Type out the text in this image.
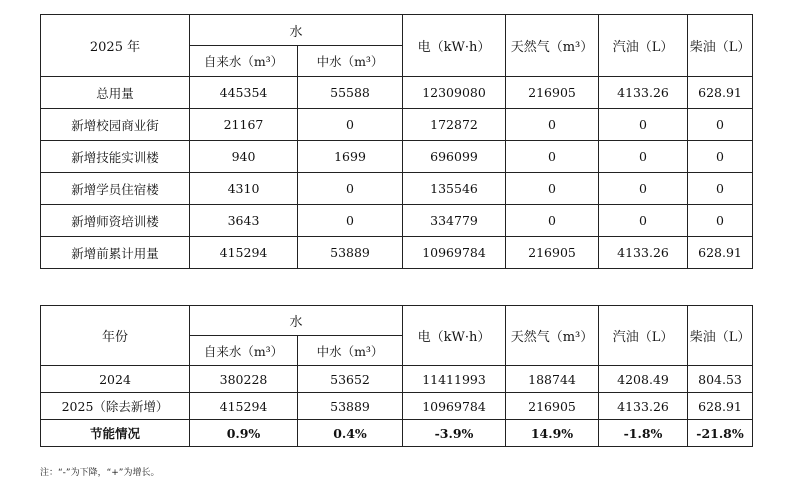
2025 年	水		电（kW·h）	天然气（m³）	汽油（L）	柴油（L）
	自来水（m³）	中水（m³）				
总用量	445354	55588	12309080	216905	4133.26	628.91
新增校园商业街	21167	0	172872	0	0	0
新增技能实训楼	940	1699	696099	0	0	0
新增学员住宿楼	4310	0	135546	0	0	0
新增师资培训楼	3643	0	334779	0	0	0
新增前累计用量	415294	53889	10969784	216905	4133.26	628.91
年份	水		电（kW·h）	天然气（m³）	汽油（L）	柴油（L）
	自来水（m³）	中水（m³）				
2024	380228	53652	11411993	188744	4208.49	804.53
2025（除去新增）	415294	53889	10969784	216905	4133.26	628.91
节能情况	0.9%	0.4%	-3.9%	14.9%	-1.8%	-21.8%
注：“-”为下降，“+”为增长。
